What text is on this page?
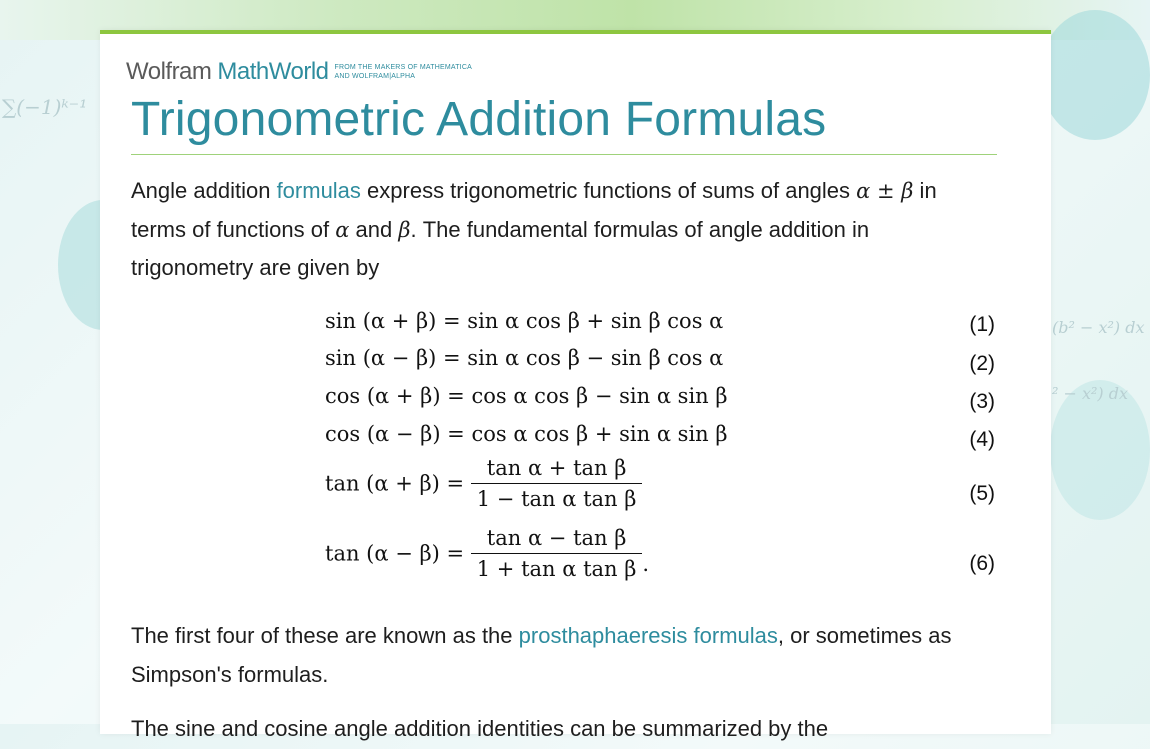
∑(−1)ᵏ⁻¹
(b² − x²) dx
² − x²) dx
Wolfram MathWorld FROM THE MAKERS OF MATHEMATICA
AND WOLFRAM|ALPHA
Trigonometric Addition Formulas

Angle addition formulas express trigonometric functions of sums of angles α ± β in terms of functions of α and β. The fundamental formulas of angle addition in trigonometry are given by

sin (α + β) = sin α cos β + sin β cos α	(1)
sin (α − β) = sin α cos β − sin β cos α	(2)
cos (α + β) = cos α cos β − sin α sin β	(3)
cos (α − β) = cos α cos β + sin α sin β	(4)
$\tan (\alpha + \beta) = \frac{\text{tan α + tan β}}{\text{1 − tan α tan β}}$	(5)
$\tan (\alpha - \beta) = \frac{\text{tan α − tan β}}{\text{1 + tan α tan β}}$ .	(6)

The first four of these are known as the prosthaphaeresis formulas, or sometimes as Simpson's formulas.

The sine and cosine angle addition identities can be summarized by the
